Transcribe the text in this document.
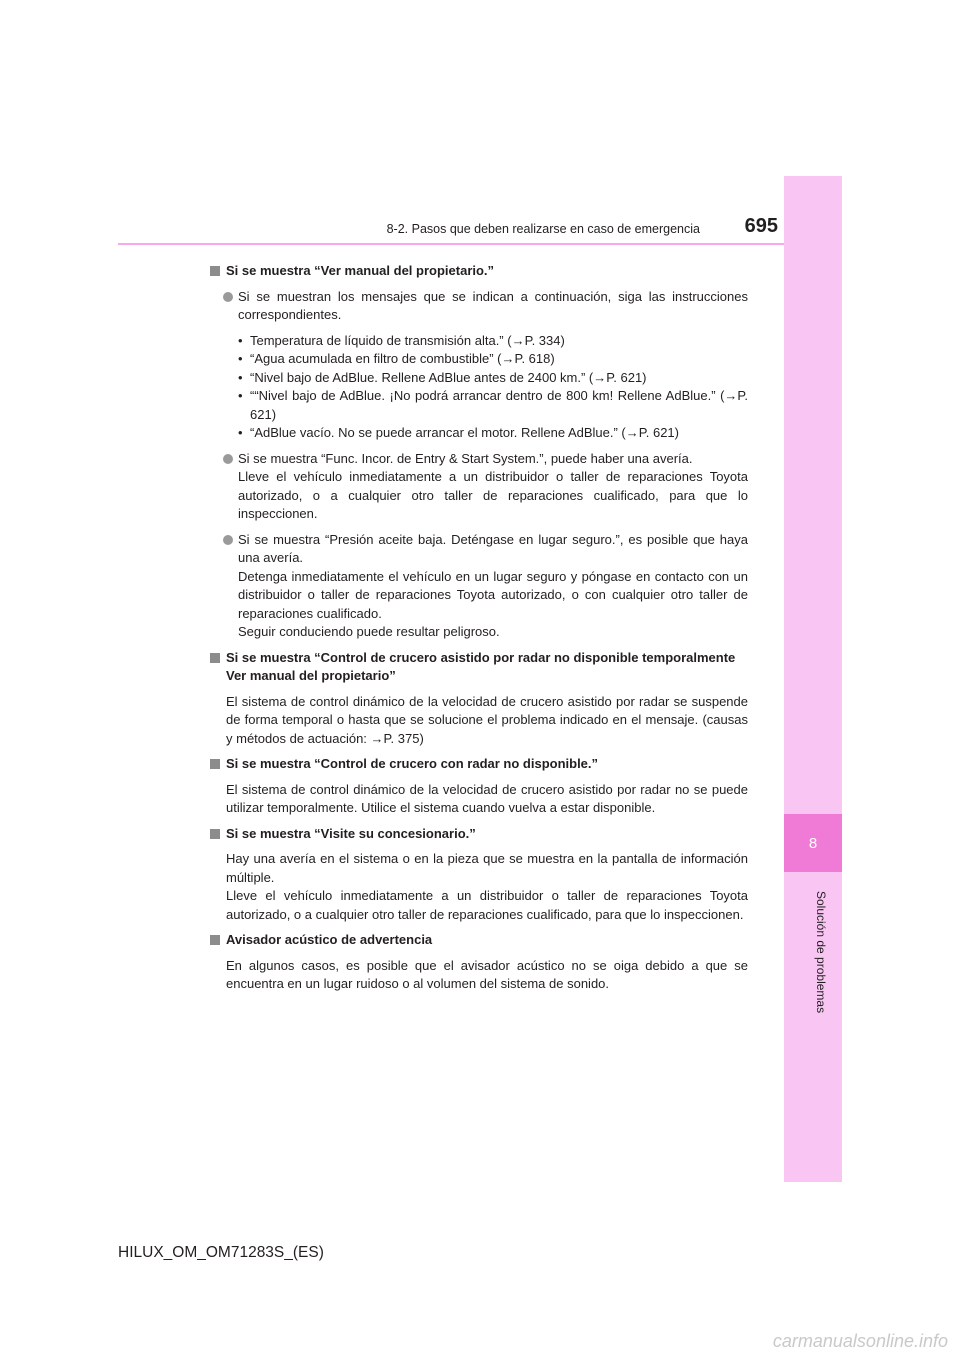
8
Solución de problemas
8-2. Pasos que deben realizarse en caso de emergencia	695
Si se muestra “Ver manual del propietario.”

Si se muestran los mensajes que se indican a continuación, siga las instrucciones correspondientes.

• Temperatura de líquido de transmisión alta.” (→P. 334)
• “Agua acumulada en filtro de combustible” (→P. 618)
• “Nivel bajo de AdBlue. Rellene AdBlue antes de 2400 km.” (→P. 621)
• ““Nivel bajo de AdBlue. ¡No podrá arrancar dentro de 800 km! Rellene AdBlue.” (→P. 621)
• “AdBlue vacío. No se puede arrancar el motor. Rellene AdBlue.” (→P. 621)

Si se muestra “Func. Incor. de Entry & Start System.”, puede haber una avería.

Lleve el vehículo inmediatamente a un distribuidor o taller de reparaciones Toyota autorizado, o a cualquier otro taller de reparaciones cualificado, para que lo inspeccionen.

Si se muestra “Presión aceite baja. Deténgase en lugar seguro.”, es posible que haya una avería.

Detenga inmediatamente el vehículo en un lugar seguro y póngase en contacto con un distribuidor o taller de reparaciones Toyota autorizado, o con cualquier otro taller de reparaciones cualificado.

Seguir conduciendo puede resultar peligroso.

Si se muestra “Control de crucero asistido por radar no disponible temporalmente Ver manual del propietario”
El sistema de control dinámico de la velocidad de crucero asistido por radar se suspende de forma temporal o hasta que se solucione el problema indicado en el mensaje. (causas y métodos de actuación: →P. 375)
Si se muestra “Control de crucero con radar no disponible.”
El sistema de control dinámico de la velocidad de crucero asistido por radar no se puede utilizar temporalmente. Utilice el sistema cuando vuelva a estar disponible.
Si se muestra “Visite su concesionario.”

Hay una avería en el sistema o en la pieza que se muestra en la pantalla de información múltiple.

Lleve el vehículo inmediatamente a un distribuidor o taller de reparaciones Toyota autorizado, o a cualquier otro taller de reparaciones cualificado, para que lo inspeccionen.

Avisador acústico de advertencia
En algunos casos, es posible que el avisador acústico no se oiga debido a que se encuentra en un lugar ruidoso o al volumen del sistema de sonido.
HILUX_OM_OM71283S_(ES)
carmanualsonline.info
